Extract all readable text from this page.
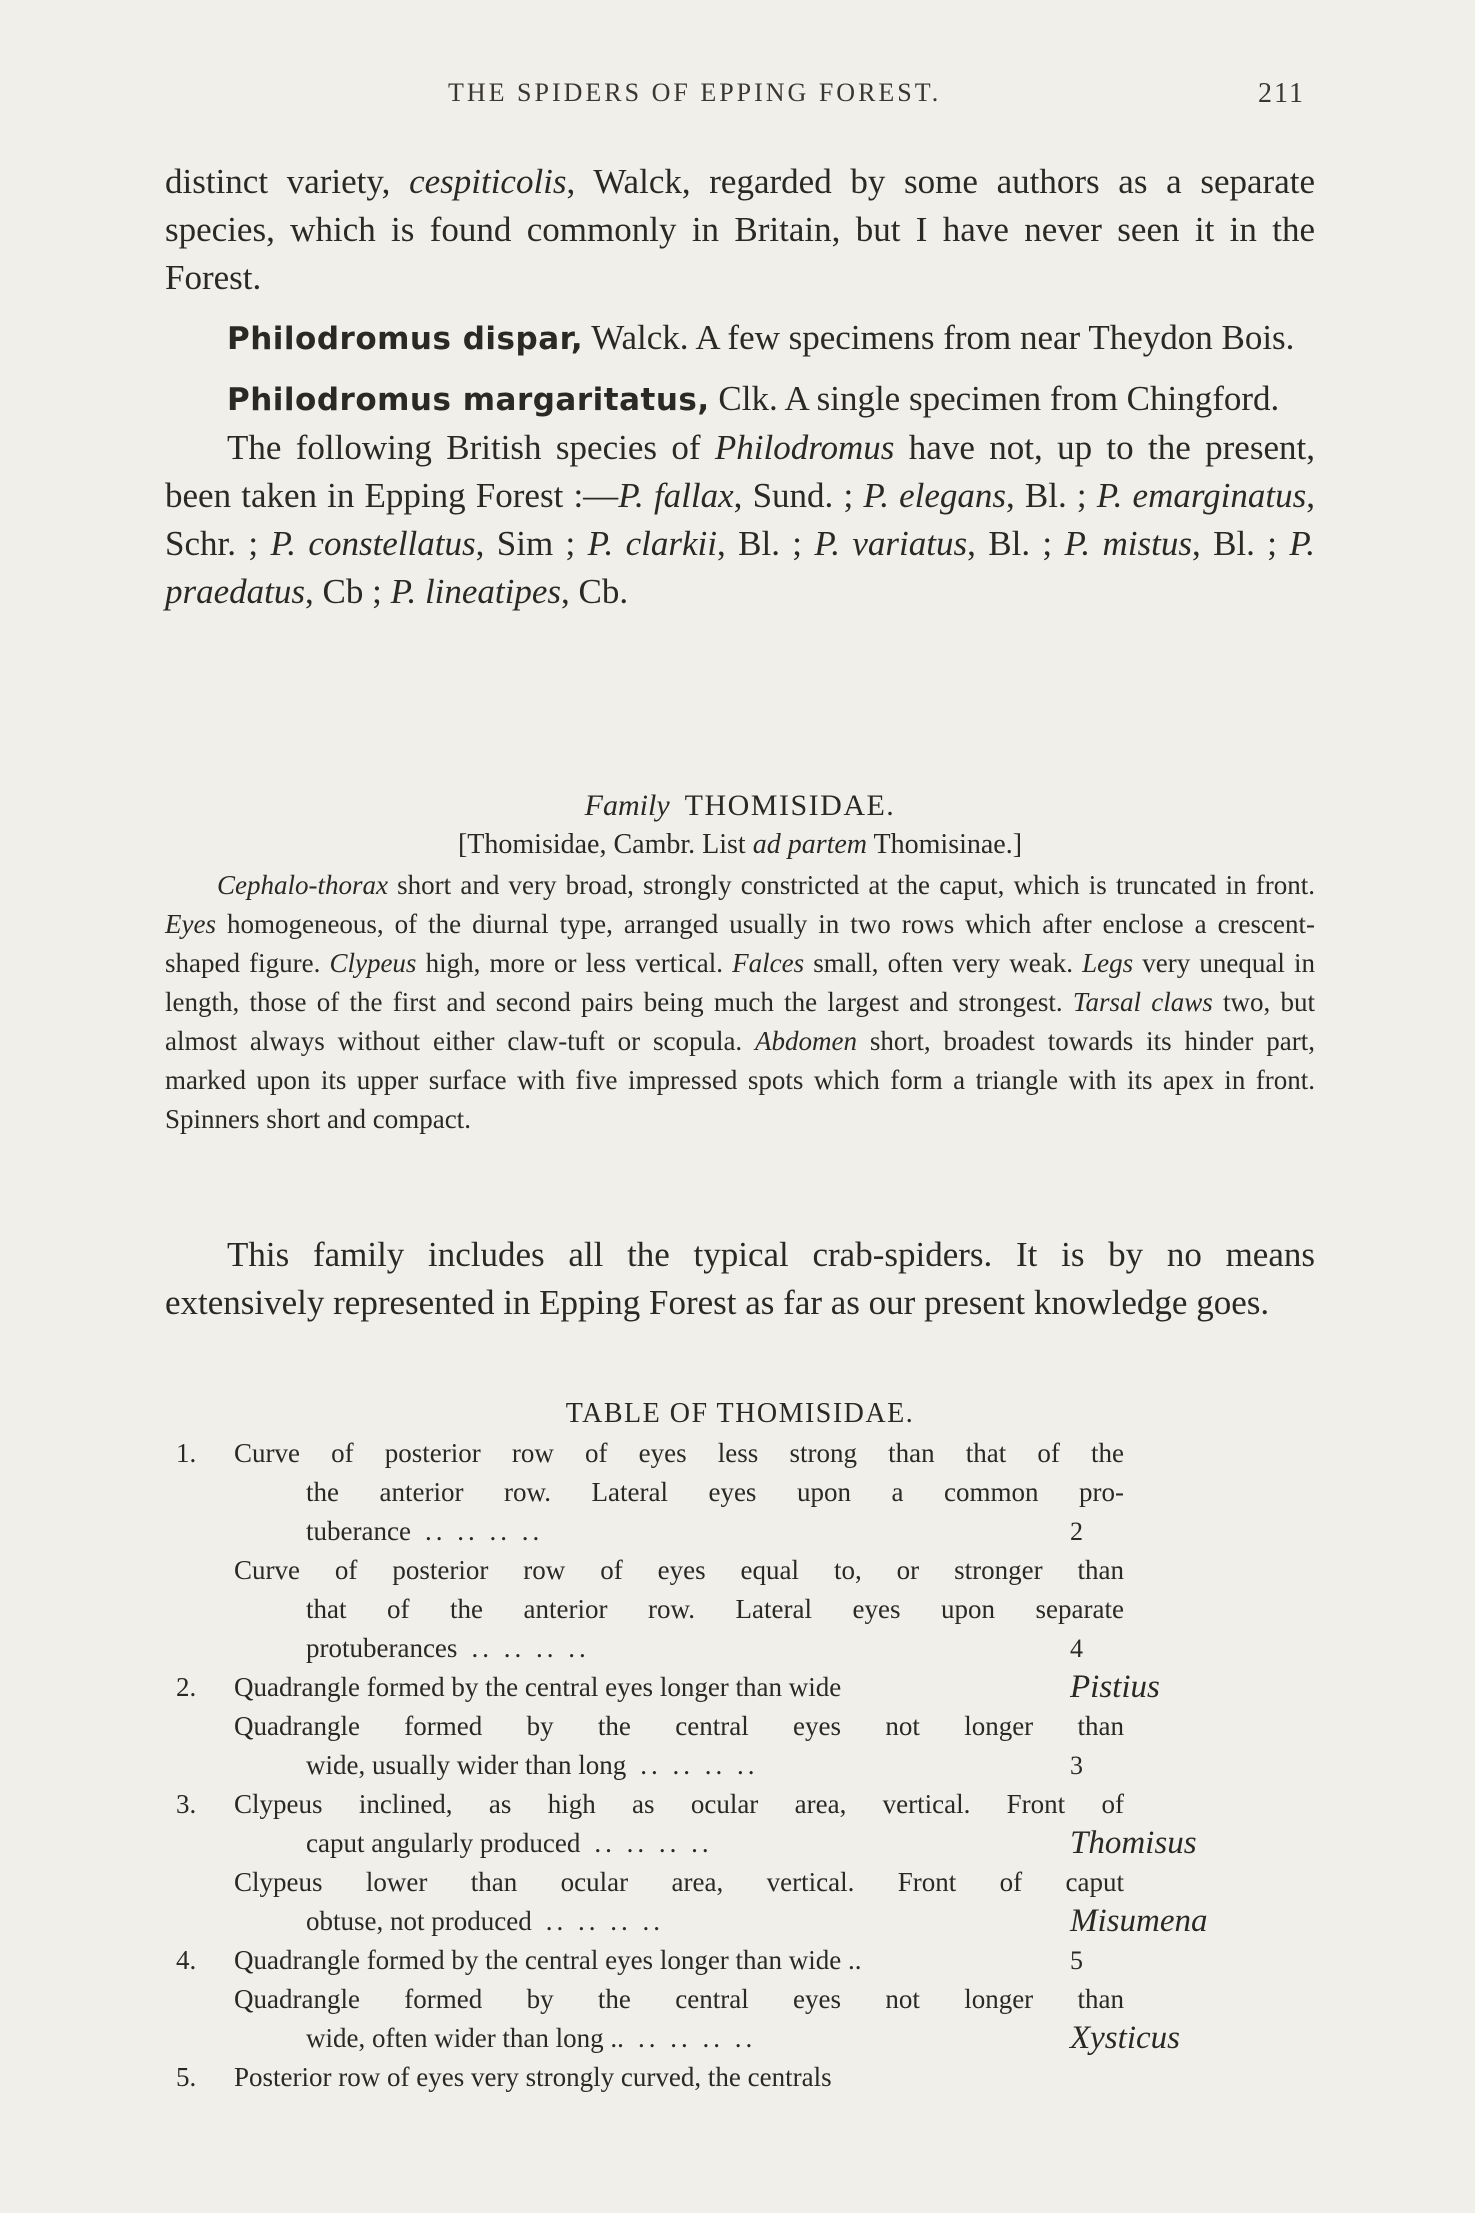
THE SPIDERS OF EPPING FOREST.	211

distinct variety, cespiticolis, Walck, regarded by some authors as a separate species, which is found commonly in Britain, but I have never seen it in the Forest.

Philodromus dispar, Walck. A few specimens from near Theydon Bois.

Philodromus margaritatus, Clk. A single specimen from Chingford.

The following British species of Philodromus have not, up to the present, been taken in Epping Forest :—P. fallax, Sund. ; P. elegans, Bl. ; P. emarginatus, Schr. ; P. constellatus, Sim ; P. clarkii, Bl. ; P. variatus, Bl. ; P. mistus, Bl. ; P. praedatus, Cb ; P. lineatipes, Cb.

Family THOMISIDAE.
[Thomisidae, Cambr. List ad partem Thomisinae.]

Cephalo-thorax short and very broad, strongly constricted at the caput, which is truncated in front. Eyes homogeneous, of the diurnal type, arranged usually in two rows which after enclose a crescent-shaped figure. Clypeus high, more or less vertical. Falces small, often very weak. Legs very unequal in length, those of the first and second pairs being much the largest and strongest. Tarsal claws two, but almost always without either claw-tuft or scopula. Abdomen short, broadest towards its hinder part, marked upon its upper surface with five impressed spots which form a triangle with its apex in front. Spinners short and compact.

This family includes all the typical crab-spiders. It is by no means extensively represented in Epping Forest as far as our present knowledge goes.

TABLE OF THOMISIDAE.
1. Curve of posterior row of eyes less strong than that of the
the anterior row. Lateral eyes upon a common pro-
tuberance .. .. .. ..	2
Curve of posterior row of eyes equal to, or stronger than
that of the anterior row. Lateral eyes upon separate
protuberances .. .. .. ..	4
2. Quadrangle formed by the central eyes longer than wide	Pistius
Quadrangle formed by the central eyes not longer than
wide, usually wider than long .. .. .. ..	3
3. Clypeus inclined, as high as ocular area, vertical. Front of
caput angularly produced .. .. .. ..	Thomisus
Clypeus lower than ocular area, vertical. Front of caput
obtuse, not produced .. .. .. ..	Misumena
4. Quadrangle formed by the central eyes longer than wide ..	5
Quadrangle formed by the central eyes not longer than
wide, often wider than long .. .. .. .. ..	Xysticus
5. Posterior row of eyes very strongly curved, the centrals
